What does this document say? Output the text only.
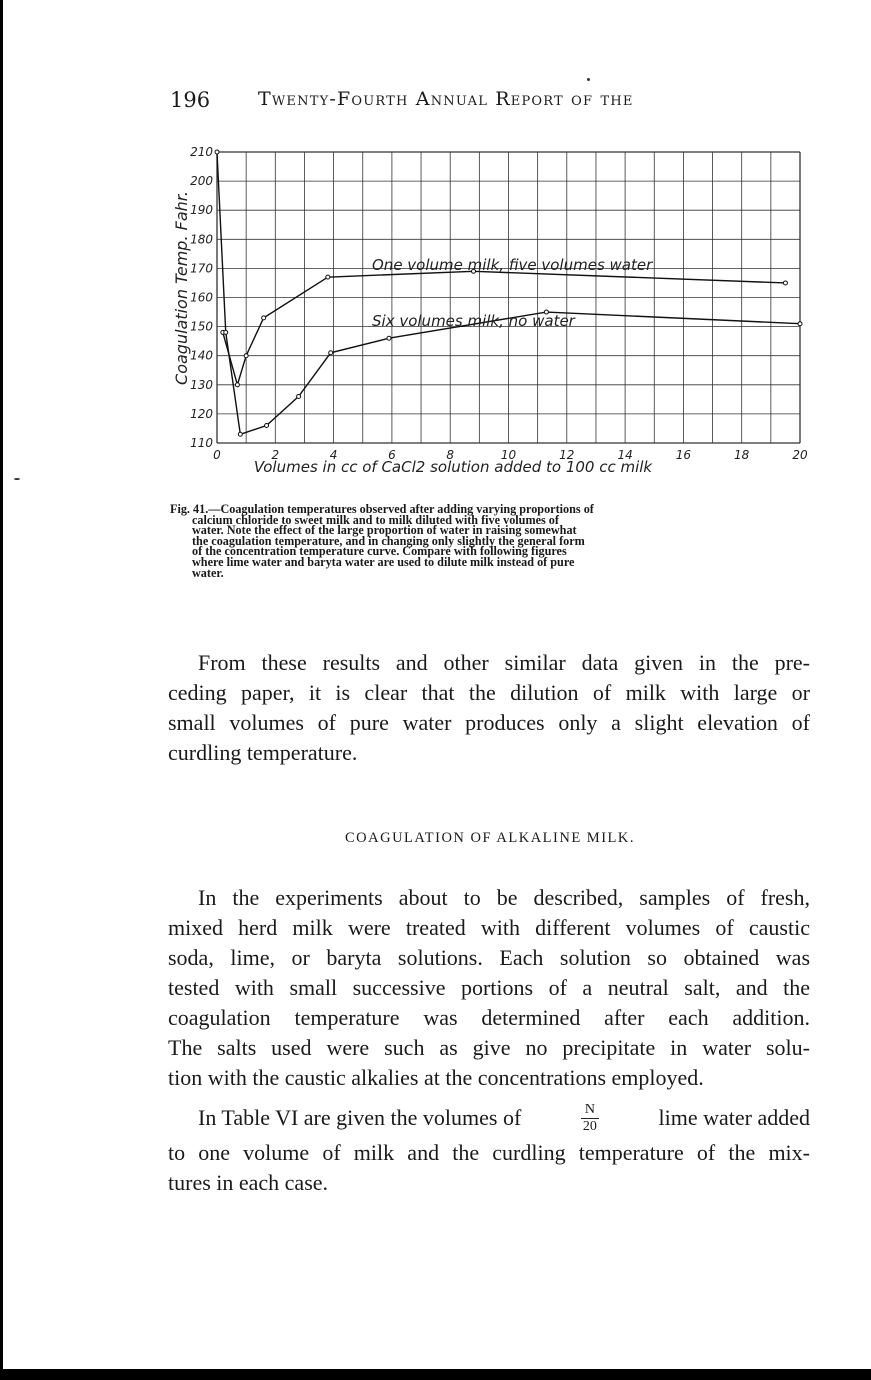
196	Twenty-Fourth Annual Report of the
110
120
130
140
150
160
170
180
190
200
210
0	2	4	6	8	10	12	14	16	18	20
Coagulation Temp. Fahr.
Volumes in cc of CaCl2 solution added to 100 cc milk
One volume milk, five volumes water
Six volumes milk, no water
Fig. 41.—Coagulation temperatures observed after adding varying proportions of
calcium chloride to sweet milk and to milk diluted with five volumes of
water. Note the effect of the large proportion of water in raising somewhat
the coagulation temperature, and in changing only slightly the general form
of the concentration temperature curve. Compare with following figures
where lime water and baryta water are used to dilute milk instead of pure
water.
From these results and other similar data given in the pre-
ceding paper, it is clear that the dilution of milk with large or
small volumes of pure water produces only a slight elevation of
curdling temperature.
COAGULATION OF ALKALINE MILK.
In the experiments about to be described, samples of fresh,
mixed herd milk were treated with different volumes of caustic
soda, lime, or baryta solutions. Each solution so obtained was
tested with small successive portions of a neutral salt, and the
coagulation temperature was determined after each addition.
The salts used were such as give no precipitate in water solu-
tion with the caustic alkalies at the concentrations employed.
In Table VI are given the volumes of	$\frac{N}{20}$	lime water added
to one volume of milk and the curdling temperature of the mix-
tures in each case.
